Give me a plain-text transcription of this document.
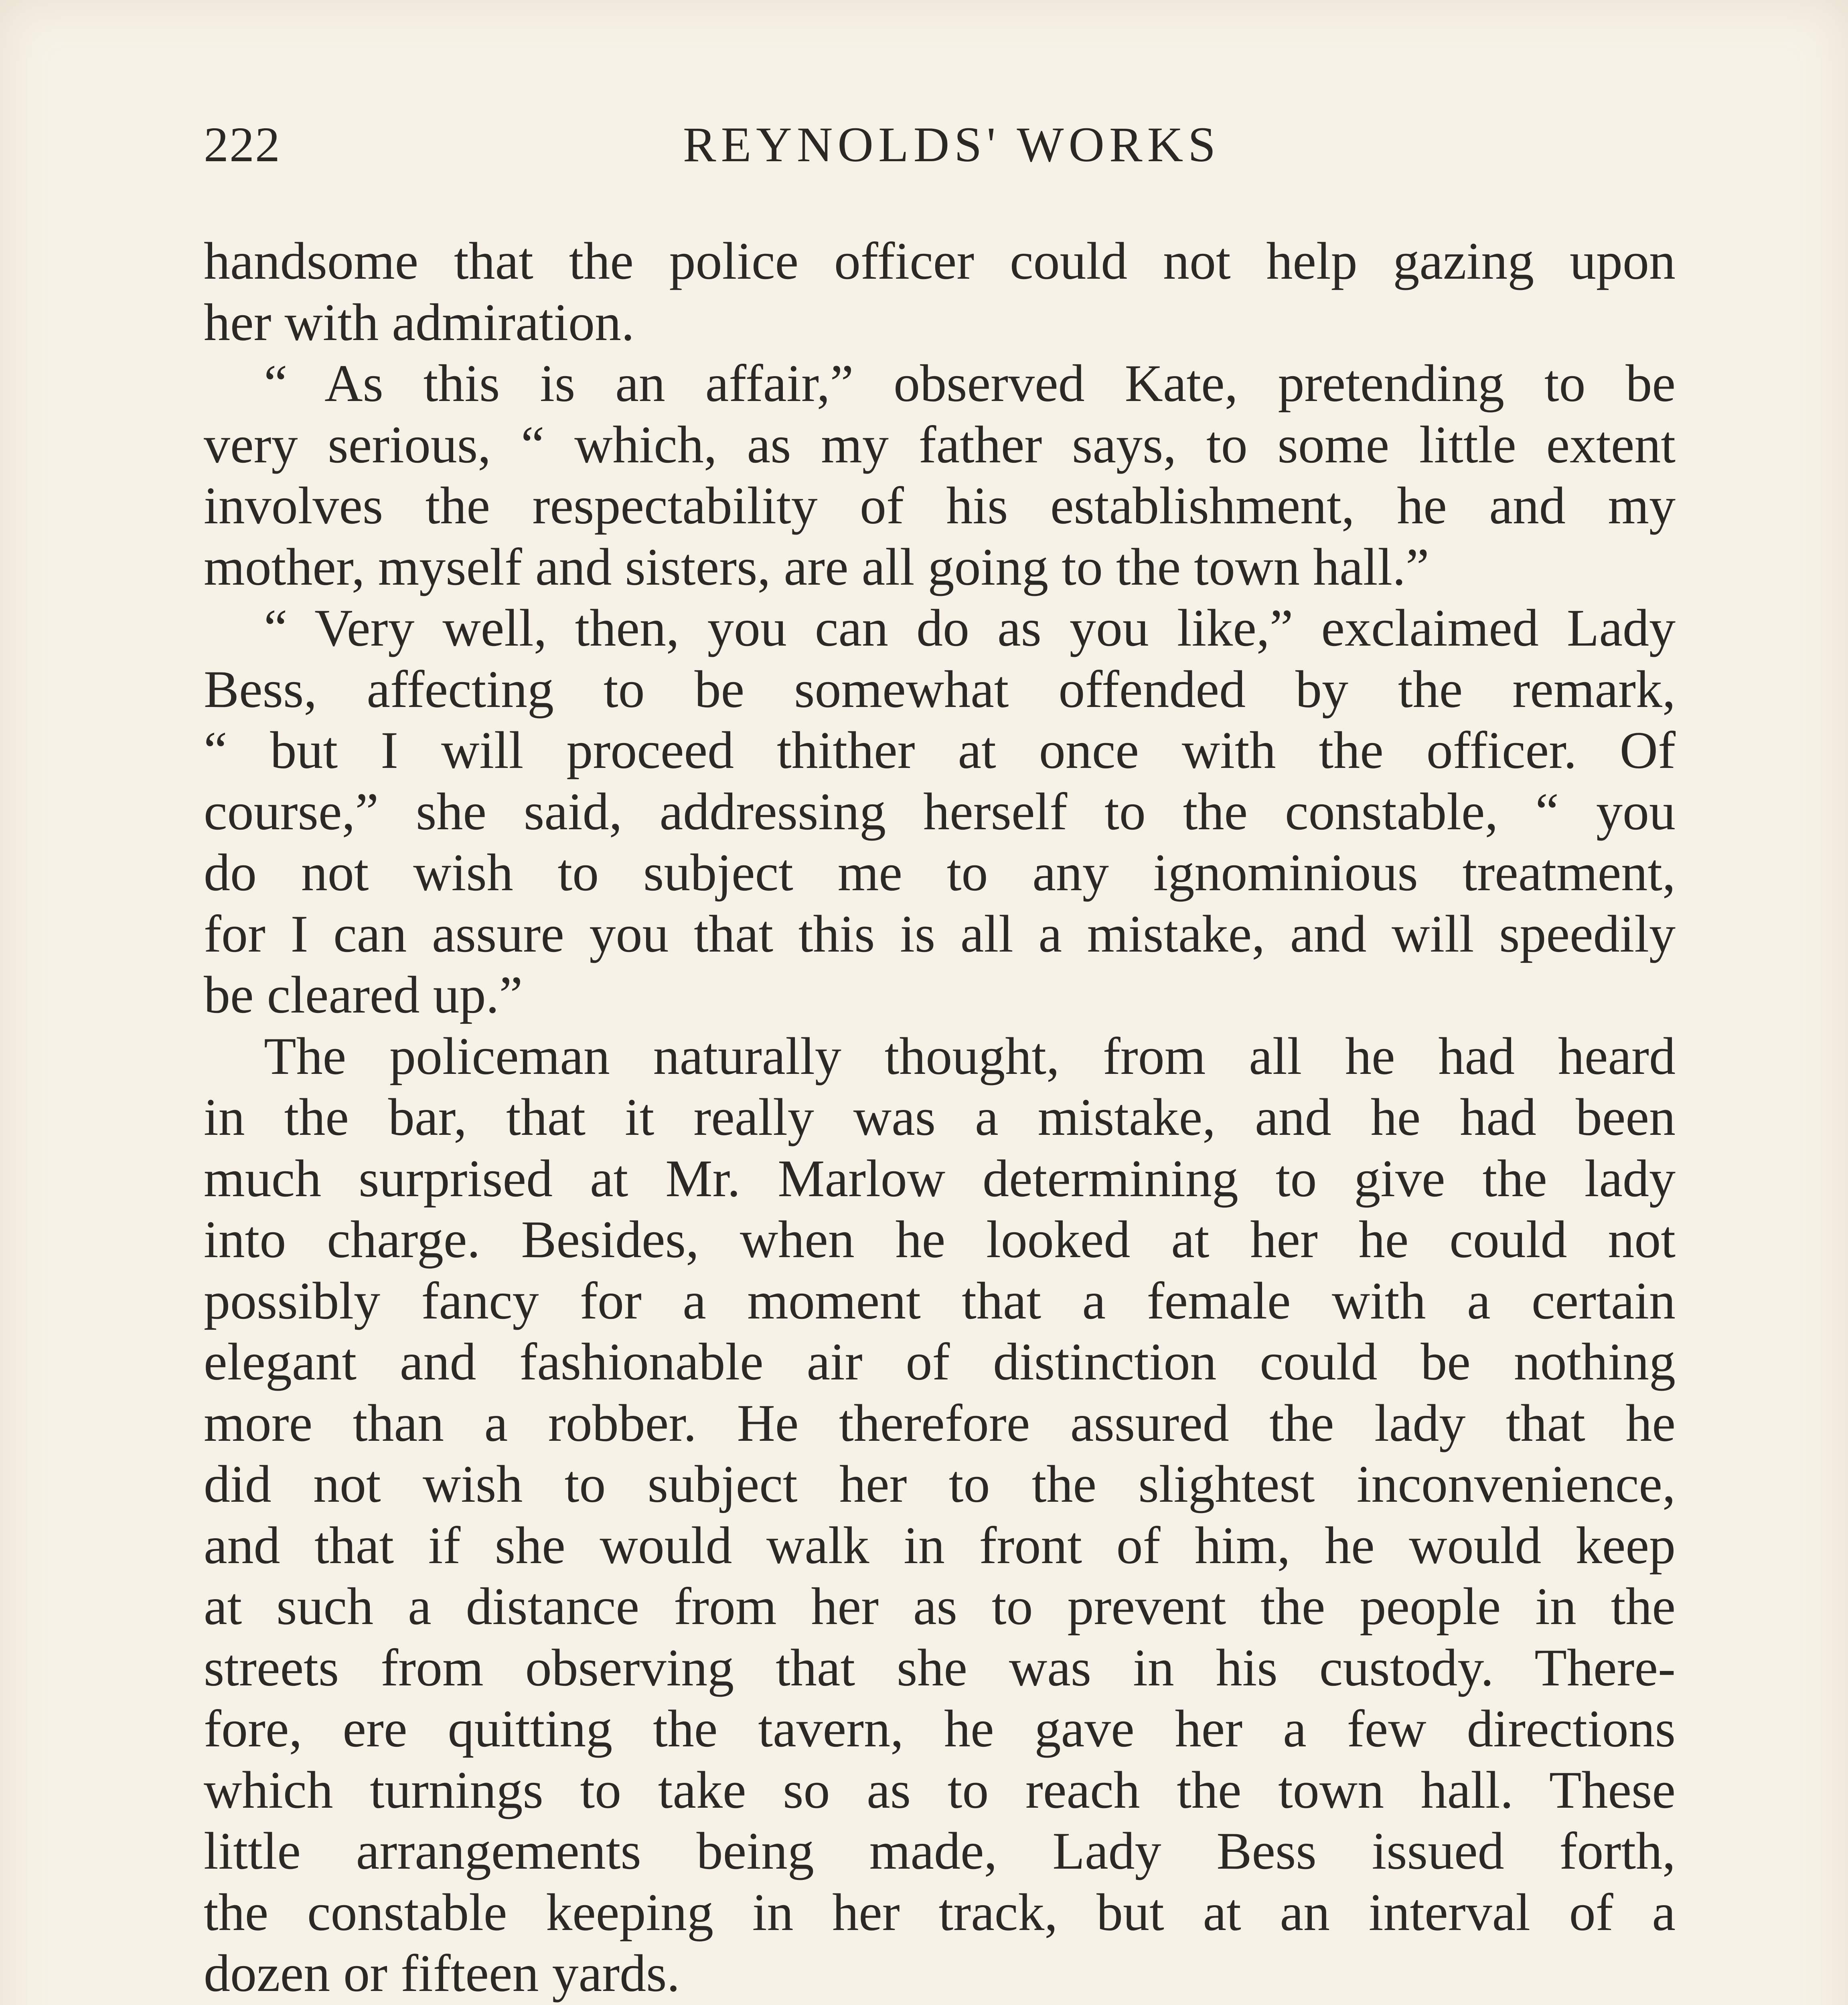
222	REYNOLDS' WORKS

handsome that the police officer could not help gazing upon
her with admiration.

“ As this is an affair,” observed Kate, pretending to be
very serious, “ which, as my father says, to some little extent
involves the respectability of his establishment, he and my
mother, myself and sisters, are all going to the town hall.”

“ Very well, then, you can do as you like,” exclaimed Lady
Bess, affecting to be somewhat offended by the remark,
“ but I will proceed thither at once with the officer. Of
course,” she said, addressing herself to the constable, “ you
do not wish to subject me to any ignominious treatment,
for I can assure you that this is all a mistake, and will speedily
be cleared up.”

The policeman naturally thought, from all he had heard
in the bar, that it really was a mistake, and he had been
much surprised at Mr. Marlow determining to give the lady
into charge. Besides, when he looked at her he could not
possibly fancy for a moment that a female with a certain
elegant and fashionable air of distinction could be nothing
more than a robber. He therefore assured the lady that he
did not wish to subject her to the slightest inconvenience,
and that if she would walk in front of him, he would keep
at such a distance from her as to prevent the people in the
streets from observing that she was in his custody. There-
fore, ere quitting the tavern, he gave her a few directions
which turnings to take so as to reach the town hall. These
little arrangements being made, Lady Bess issued forth,
the constable keeping in her track, but at an interval of a
dozen or fifteen yards.
